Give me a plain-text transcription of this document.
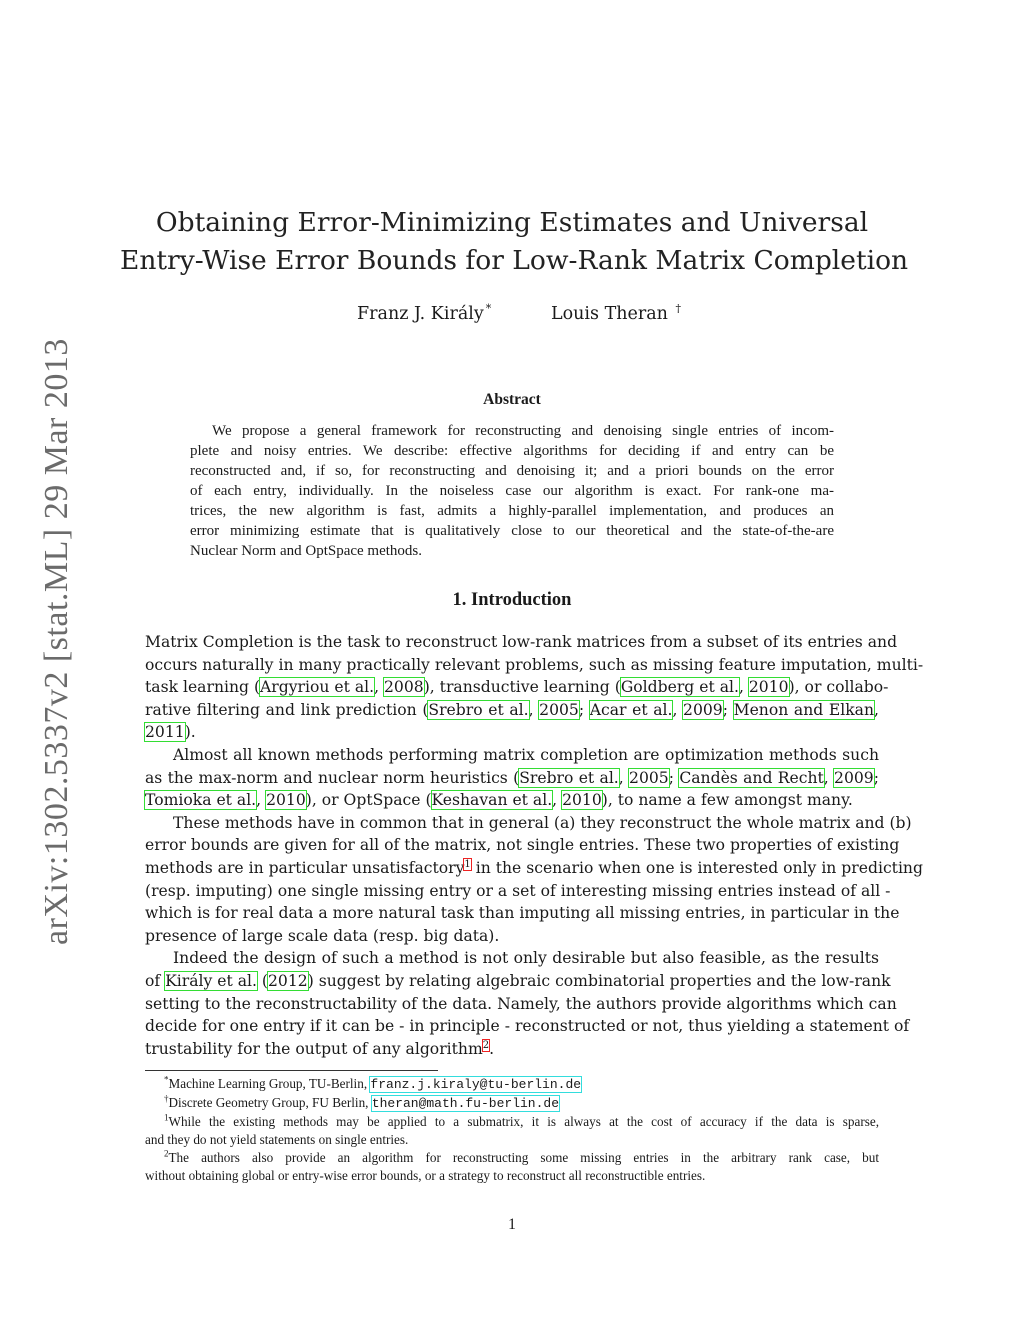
arXiv:1302.5337v2 [stat.ML] 29 Mar 2013
Obtaining Error-Minimizing Estimates and Universal
Entry-Wise Error Bounds for Low-Rank Matrix Completion
Franz J. Király *	Louis Theran †
Abstract
We propose a general framework for reconstructing and denoising single entries of incom-
plete and noisy entries. We describe: effective algorithms for deciding if and entry can be
reconstructed and, if so, for reconstructing and denoising it; and a priori bounds on the error
of each entry, individually. In the noiseless case our algorithm is exact. For rank-one ma-
trices, the new algorithm is fast, admits a highly-parallel implementation, and produces an
error minimizing estimate that is qualitatively close to our theoretical and the state-of-the-are
Nuclear Norm and OptSpace methods.
1. Introduction
Matrix Completion is the task to reconstruct low-rank matrices from a subset of its entries and
occurs naturally in many practically relevant problems, such as missing feature imputation, multi-
task learning (Argyriou et al., 2008), transductive learning (Goldberg et al., 2010), or collabo-
rative filtering and link prediction (Srebro et al., 2005; Acar et al., 2009; Menon and Elkan,
2011).
Almost all known methods performing matrix completion are optimization methods such
as the max-norm and nuclear norm heuristics (Srebro et al., 2005; Candès and Recht, 2009;
Tomioka et al., 2010), or OptSpace (Keshavan et al., 2010), to name a few amongst many.
These methods have in common that in general (a) they reconstruct the whole matrix and (b)
error bounds are given for all of the matrix, not single entries. These two properties of existing
methods are in particular unsatisfactory$^1$ in the scenario when one is interested only in predicting
(resp. imputing) one single missing entry or a set of interesting missing entries instead of all -
which is for real data a more natural task than imputing all missing entries, in particular in the
presence of large scale data (resp. big data).
Indeed the design of such a method is not only desirable but also feasible, as the results
of Király et al. (2012) suggest by relating algebraic combinatorial properties and the low-rank
setting to the reconstructability of the data. Namely, the authors provide algorithms which can
decide for one entry if it can be - in principle - reconstructed or not, thus yielding a statement of
trustability for the output of any algorithm$^2$.
*Machine Learning Group, TU-Berlin, franz.j.kiraly@tu-berlin.de
†Discrete Geometry Group, FU Berlin, theran@math.fu-berlin.de
$^1$While the existing methods may be applied to a submatrix, it is always at the cost of accuracy if the data is sparse,
and they do not yield statements on single entries.
$^2$The authors also provide an algorithm for reconstructing some missing entries in the arbitrary rank case, but
without obtaining global or entry-wise error bounds, or a strategy to reconstruct all reconstructible entries.
1
